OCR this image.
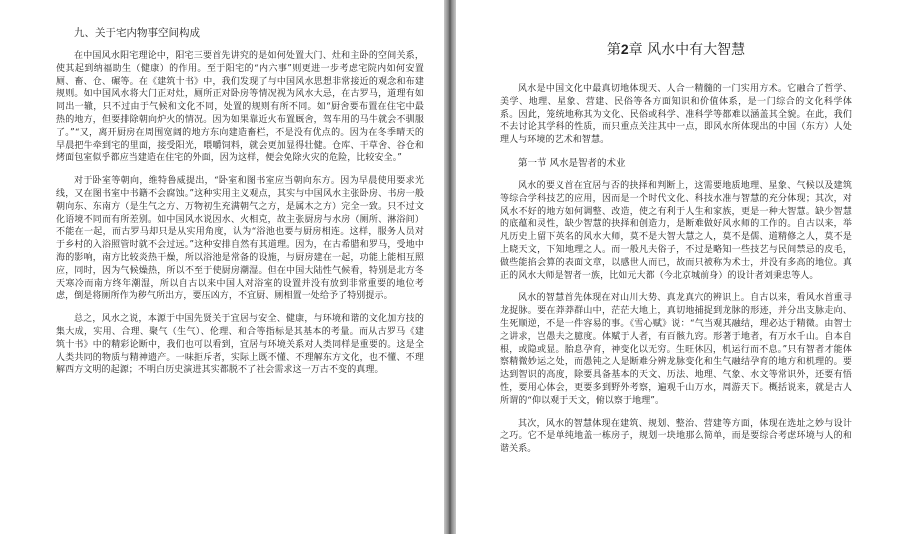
九、关于宅内物事空间构成

在中国风水阳宅理论中，阳宅三要首先讲究的是如何处置大门、灶和主卧的空间关系，使其起到纳福助生（健康）的作用。至于阳宅的“内六事”则更进一步考虑宅院内如何安置厕、畜、仓、碾等。在《建筑十书》中，我们发现了与中国风水思想非常接近的观念和布建规则。如中国风水将大门正对灶，厕所正对卧房等情况视为风水大忌，在古罗马，道理有如同出一辙，只不过由于气候和文化不同，处置的规则有所不同。如“厨舍要布置在住宅中最热的地方，但要排除朝向炉火的情况。因为如果靠近火布置厩舍，驾车用的马牛就会不驯服了。”“又，离开厨房在周围宽阔的地方东向建造畜栏，不是没有优点的。因为在冬季晴天的早晨把牛牵到宅的里面，接受阳光，喂嚼饲料，就会更加显得壮健。仓库、干草舍、谷仓和烤面包室似乎都应当建造在住宅的外面，因为这样，便会免除火灾的危险，比较安全。”

对于卧室等朝向，维特鲁威提出，“卧室和图书室应当朝向东方。因为早晨使用要求光线，又在图书室中书籍不会腐蚀。”这种实用主义观点，其实与中国风水主张卧房、书房一般朝向东、东南方（是生气之方、万物初生充满朝气之方，是属木之方）完全一致。只不过文化语境不同而有所差别。如中国风水说因水、火相克，故主张厨房与水房（厕所、淋浴间）不能在一起，而古罗马却只是从实用角度，认为“浴池也要与厨房相连。这样，服务人员对于乡村的入浴照管时就不会过远。”这种安排自然有其道理。因为，在古希腊和罗马，受地中海的影响，南方比较炎热干燥，所以浴池是常备的设施，与厨房建在一起，功能上能相互照应，同时，因为气候燥热，所以不至于使厨房潮湿。但在中国大陆性气候看，特别是北方冬天寒冷而南方终年潮湿，所以自古以来中国人对浴室的设置并没有放到非常重要的地位考虑，倒是将厕所作为秽气所出方，要压凶方，不宜厨、厕相置一处给予了特别提示。

总之，风水之说，本源于中国先贤关于宜居与安全、健康，与环境和谐的文化加方技的集大成，实用、合理、聚气（生气）、伦理、和合等指标是其基本的考量。而从古罗马《建筑十书》中的精彩论断中，我们也可以看到，宜居与环境关系对人类同样是重要的。这是全人类共同的物质与精神遗产。一味拒斥者，实际上既不懂、不理解东方文化，也不懂、不理解西方文明的起源；不明白历史演进其实都脱不了社会需求这一万古不变的真理。

第2章 风水中有大智慧

风水是中国文化中最真切地体现天、人合一精髓的一门实用方术。它融合了哲学、美学、地理、星象、营建、民俗等各方面知识和价值体系，是一门综合的文化科学体系。因此，笼统地称其为文化、民俗或科学、准科学等都难以涵盖其全貌。在此，我们不去讨论其学科的性质，而只重点关注其中一点，即风水所体现出的中国（东方）人处理人与环境的艺术和智慧。

第一节 风水是智者的术业

风水的要义首在宜居与否的抉择和判断上，这需要地质地理、星象、气候以及建筑等综合学科技艺的应用，因而是一个时代文化、科技水准与智慧的充分体现；其次，对风水不好的地方如何调整、改造，使之有利于人生和家族，更是一种大智慧。缺少智慧的底蕴和灵性，缺少智慧的抉择和创造力，是断难做好风水师的工作的。自古以来，举凡历史上留下英名的风水大师，莫不是大智大慧之人，莫不是儒、道精修之人，莫不是上晓天文，下知地理之人。而一般凡夫俗子，不过是略知一些技艺与民间禁忌的皮毛，做些能掐会算的表面文章，以感世人而已，故而只被称为术士，并没有多高的地位。真正的风水大师是智者一族，比如元大都（今北京城前身）的设计者刘秉忠等人。

风水的智慧首先体现在对山川大势、真龙真穴的辨识上。自古以来，看风水首重寻龙捉脉。要在莽莽群山中，茫茫大地上，真切地捕捉到龙脉的形迹，并分出支脉走向、生死顺逆，不是一件容易的事。《雪心赋》说：“气当观其融结，理必达于精微。由智士之讲求，岂愚夫之臆度。体赋于人者，有百骸九窍。形著于地者，有万水千山。自本自根，或隐或显。胎息孕育，神变化以无穷。生旺休囚，机运行而不息。”只有智者才能体察精微妙运之处，而愚钝之人是断难分辨龙脉变化和生气融结孕育的地方和机理的。要达到智识的高度，除要具备基本的天文、历法、地理、气象、水文等常识外，还要有悟性，要用心体会，更要多到野外考察，遍观千山万水，周游天下。概括说来，就是古人所谓的“仰以观于天文，俯以察于地理”。

其次，风水的智慧体现在建筑、规划、整治、营建等方面，体现在选址之妙与设计之巧。它不是单纯地盖一栋房子，规划一块地那么简单，而是要综合考虑环境与人的和谐关系。
